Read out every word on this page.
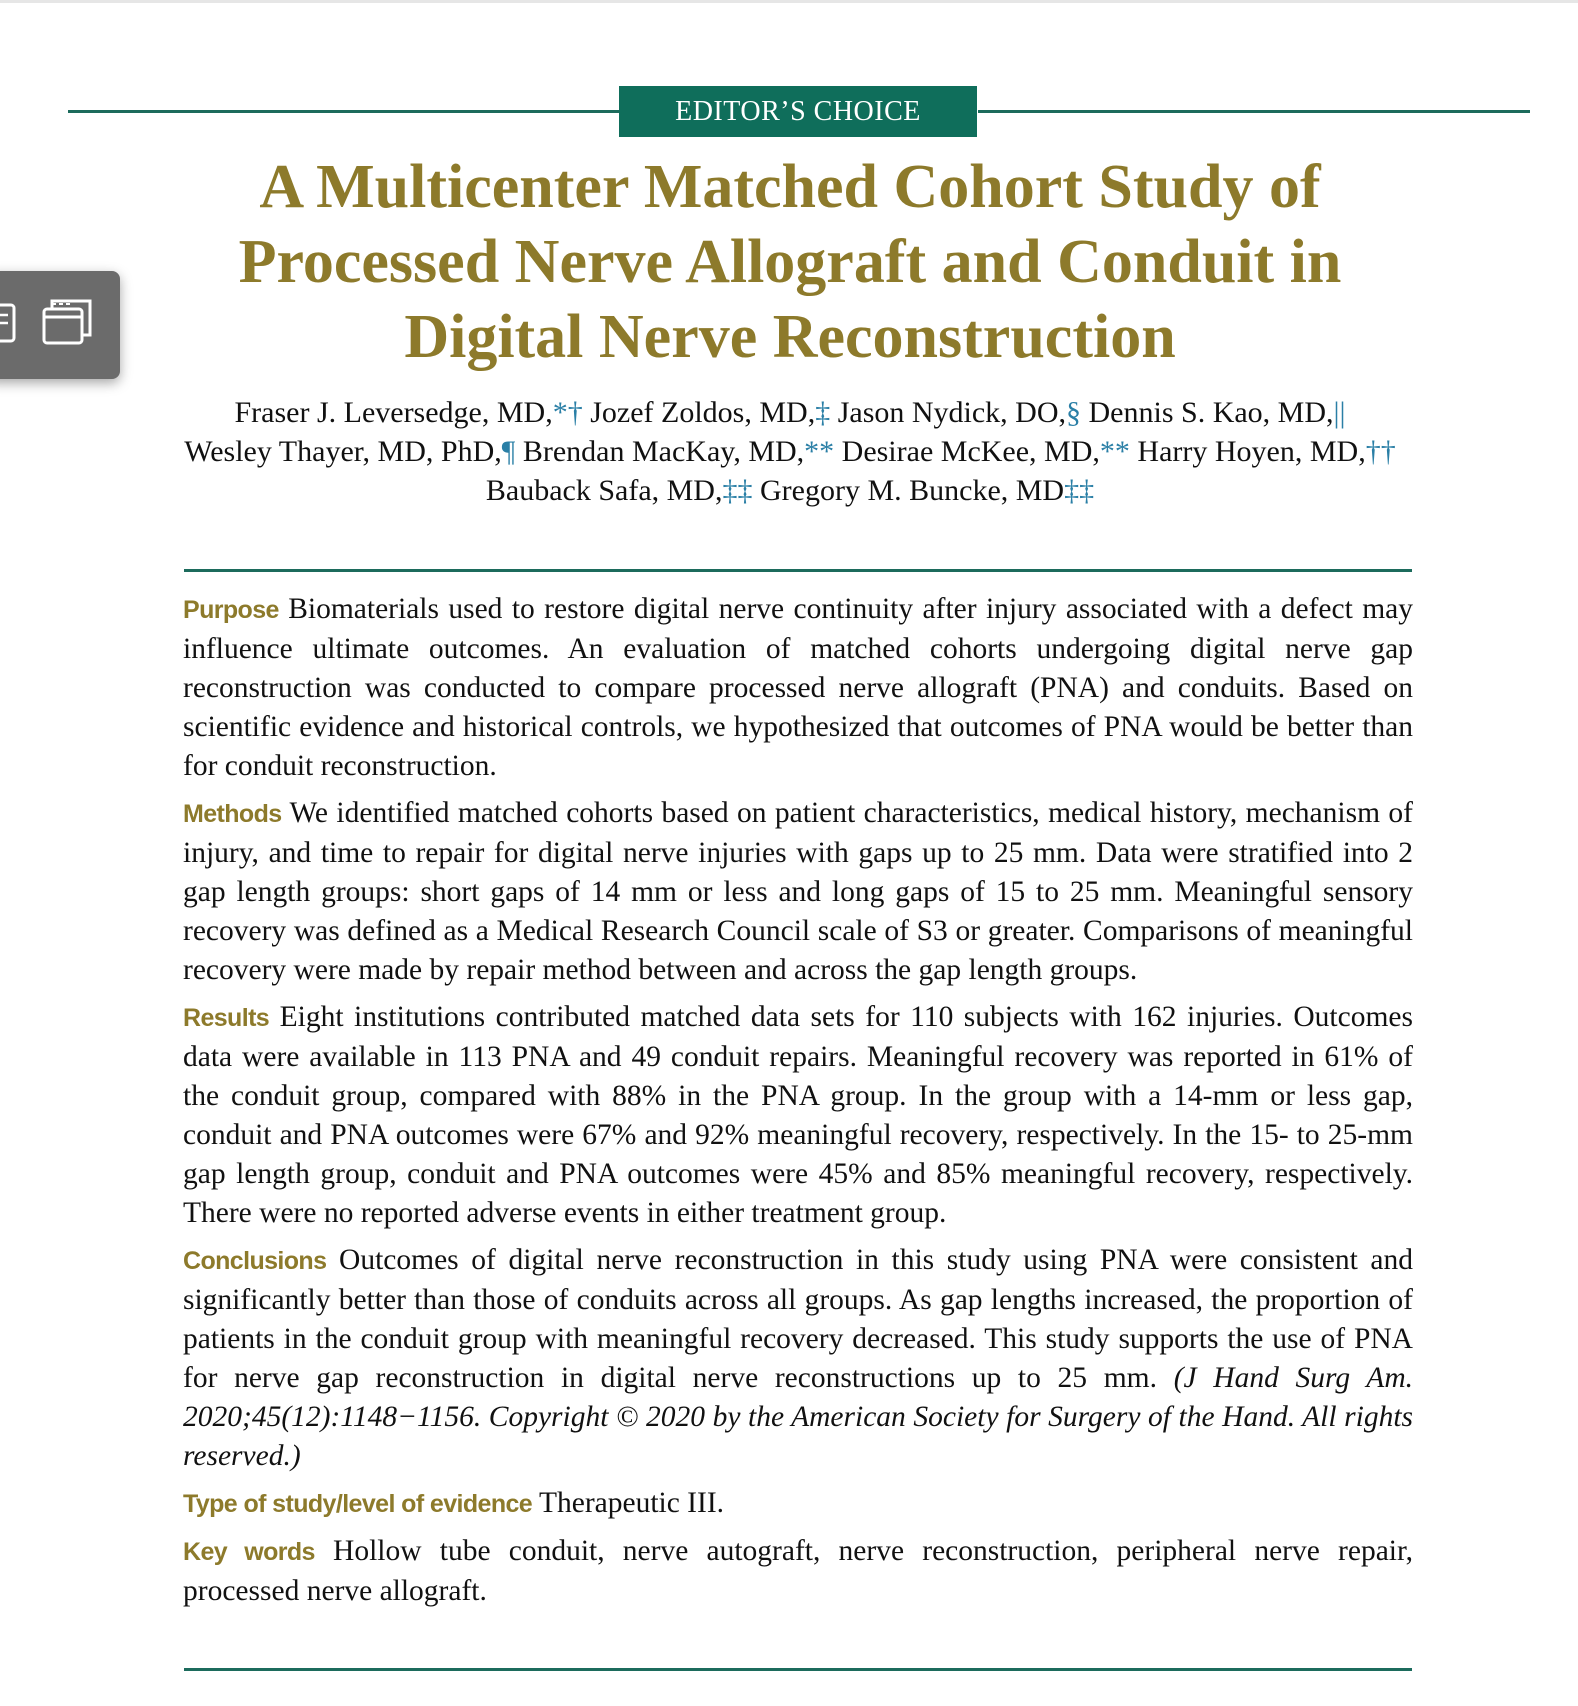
EDITOR’S CHOICE
A Multicenter Matched Cohort Study of
Processed Nerve Allograft and Conduit in
Digital Nerve Reconstruction
Fraser J. Leversedge, MD,*† Jozef Zoldos, MD,‡ Jason Nydick, DO,§ Dennis S. Kao, MD,||
Wesley Thayer, MD, PhD,¶ Brendan MacKay, MD,** Desirae McKee, MD,** Harry Hoyen, MD,††
Bauback Safa, MD,‡‡ Gregory M. Buncke, MD‡‡

Purpose Biomaterials used to restore digital nerve continuity after injury associated with a defect may influence ultimate outcomes. An evaluation of matched cohorts undergoing digital nerve gap reconstruction was conducted to compare processed nerve allograft (PNA) and conduits. Based on scientific evidence and historical controls, we hypothesized that outcomes of PNA would be better than for conduit reconstruction.

Methods We identified matched cohorts based on patient characteristics, medical history, mechanism of injury, and time to repair for digital nerve injuries with gaps up to 25 mm. Data were stratified into 2 gap length groups: short gaps of 14 mm or less and long gaps of 15 to 25 mm. Meaningful sensory recovery was defined as a Medical Research Council scale of S3 or greater. Comparisons of meaningful recovery were made by repair method between and across the gap length groups.

Results Eight institutions contributed matched data sets for 110 subjects with 162 injuries. Outcomes data were available in 113 PNA and 49 conduit repairs. Meaningful recovery was reported in 61% of the conduit group, compared with 88% in the PNA group. In the group with a 14-mm or less gap, conduit and PNA outcomes were 67% and 92% meaningful recovery, respectively. In the 15- to 25-mm gap length group, conduit and PNA outcomes were 45% and 85% meaningful recovery, respectively. There were no reported adverse events in either treatment group.

Conclusions Outcomes of digital nerve reconstruction in this study using PNA were consistent and significantly better than those of conduits across all groups. As gap lengths increased, the proportion of patients in the conduit group with meaningful recovery decreased. This study supports the use of PNA for nerve gap reconstruction in digital nerve reconstructions up to 25 mm. (J Hand Surg Am. 2020;45(12):1148−1156. Copyright © 2020 by the American Society for Surgery of the Hand. All rights reserved.)

Type of study/level of evidence Therapeutic III.

Key words Hollow tube conduit, nerve autograft, nerve reconstruction, peripheral nerve repair, processed nerve allograft.
